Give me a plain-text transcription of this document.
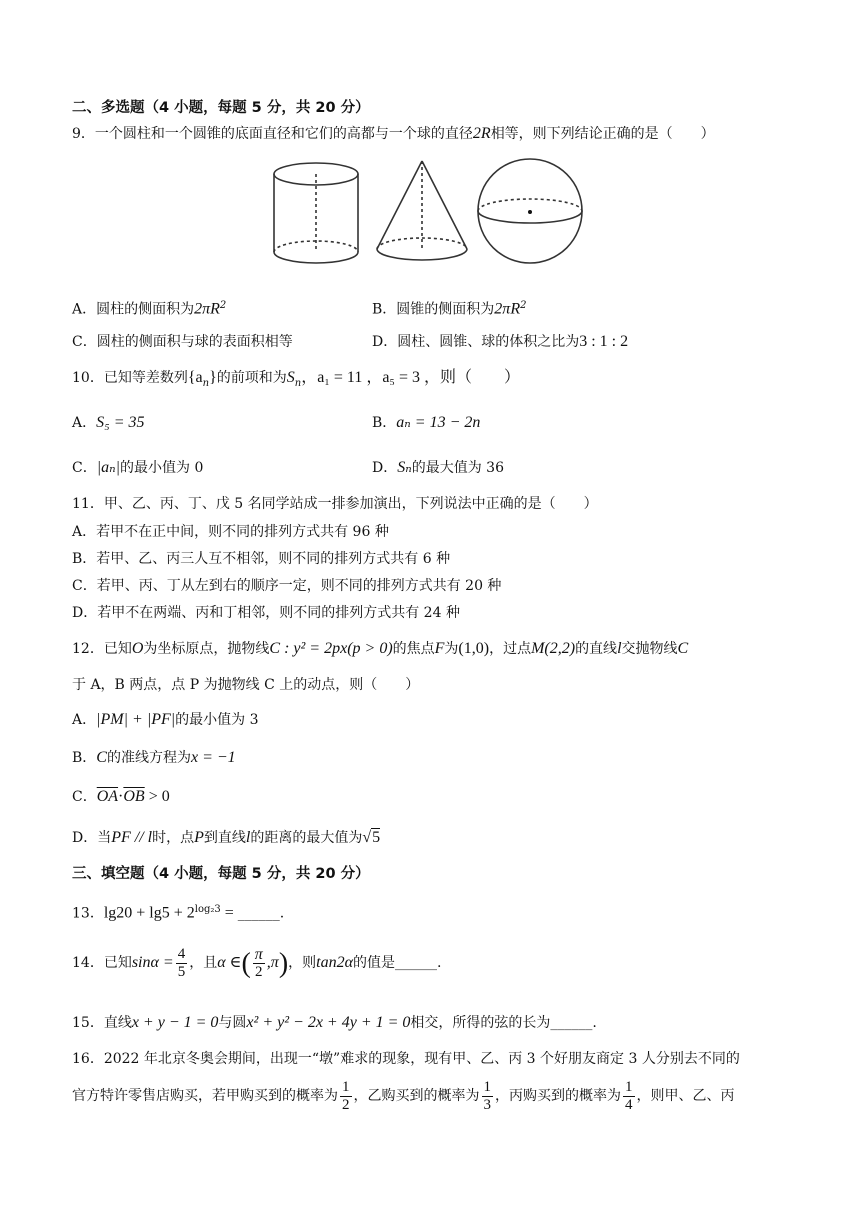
二、多选题（4 小题，每题 5 分，共 20 分）
9．一个圆柱和一个圆锥的底面直径和它们的高都与一个球的直径2R相等，则下列结论正确的是（　　）
A．圆柱的侧面积为$2\pi R^2$	B．圆锥的侧面积为$2\pi R^2$
C．圆柱的侧面积与球的表面积相等	D．圆柱、圆锥、球的体积之比为3 : 1 : 2
10．已知等差数列$\{a_n\}$的前项和为$S_n$，a₁ = 11 ，a₅ = 3 ，则（　　）
A．S₅ = 35	B．aₙ = 13 − 2n
C．|aₙ|的最小值为 0	D．Sₙ的最大值为 36
11．甲、乙、丙、丁、戊 5 名同学站成一排参加演出，下列说法中正确的是（　　）
A．若甲不在正中间，则不同的排列方式共有 96 种
B．若甲、乙、丙三人互不相邻，则不同的排列方式共有 6 种
C．若甲、丙、丁从左到右的顺序一定，则不同的排列方式共有 20 种
D．若甲不在两端、丙和丁相邻，则不同的排列方式共有 24 种
12．已知O为坐标原点，抛物线C : y² = 2px(p > 0)的焦点F为(1,0)，过点M(2,2)的直线l交抛物线C
于 A，B 两点，点 P 为抛物线 C 上的动点，则（　　）
A．|PM| + |PF|的最小值为 3
B．C的准线方程为x = −1
C．$\overline{OA}\cdot\overline{OB} > 0$
D．当PF // l时，点P到直线l的距离的最大值为√5
三、填空题（4 小题，每题 5 分，共 20 分）
13．$\lg 20 + \lg 5 + 2^{log_23}$ = ______.
14．已知$\sin\alpha = \frac{4}{5}$ ，且α ∈( $\frac{\pi}{2} ,\pi$)，则tan2α的值是______.
15．直线x + y − 1 = 0与圆x² + y² − 2x + 4y + 1 = 0相交，所得的弦的长为______.
16．2022 年北京冬奥会期间，出现一“墩”难求的现象，现有甲、乙、丙 3 个好朋友商定 3 人分别去不同的
官方特许零售店购买，若甲购买到的概率为 $\frac{1}{2}$ ，乙购买到的概率为 $\frac{1}{3}$ ，丙购买到的概率为 $\frac{1}{4}$ ，则甲、乙、丙
